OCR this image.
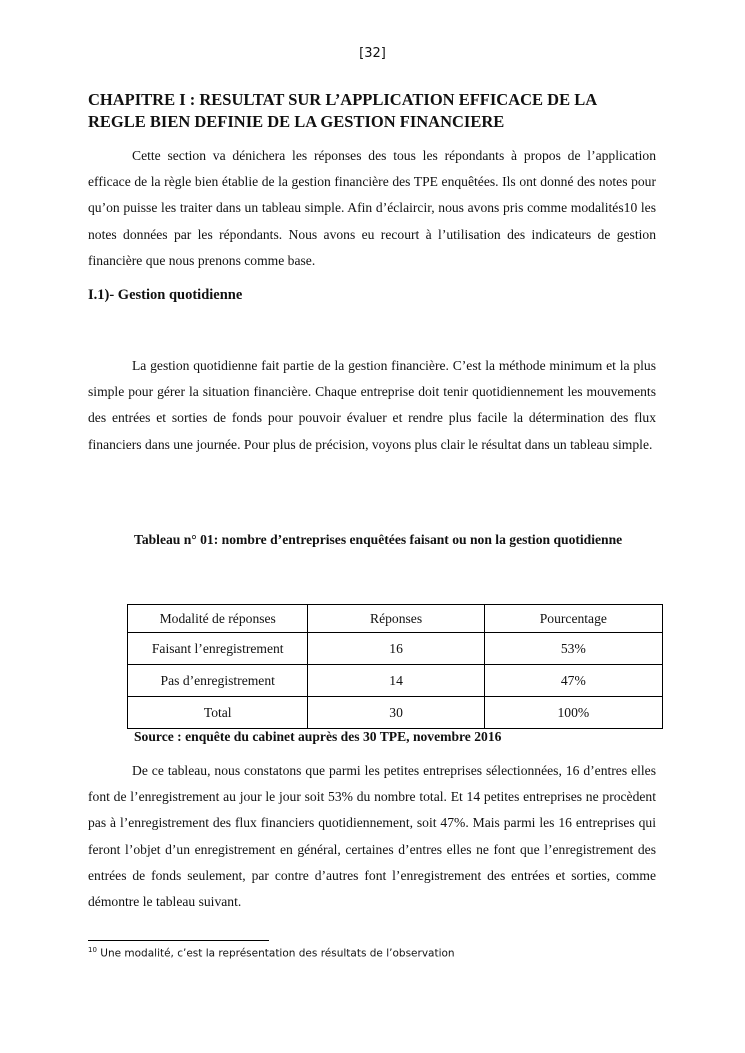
[32]
CHAPITRE I : RESULTAT SUR L’APPLICATION EFFICACE DE LA REGLE BIEN DEFINIE DE LA GESTION FINANCIERE

Cette section va dénichera les réponses des tous les répondants à propos de l’application efficace de la règle bien établie de la gestion financière des TPE enquêtées. Ils ont donné des notes pour qu’on puisse les traiter dans un tableau simple. Afin d’éclaircir, nous avons pris comme modalités10 les notes données par les répondants. Nous avons eu recourt à l’utilisation des indicateurs de gestion financière que nous prenons comme base.

I.1)- Gestion quotidienne

La gestion quotidienne fait partie de la gestion financière. C’est la méthode minimum et la plus simple pour gérer la situation financière. Chaque entreprise doit tenir quotidiennement les mouvements des entrées et sorties de fonds pour pouvoir évaluer et rendre plus facile la détermination des flux financiers dans une journée. Pour plus de précision, voyons plus clair le résultat dans un tableau simple.

Tableau n° 01: nombre d’entreprises enquêtées faisant ou non la gestion quotidienne

Modalité de réponses	Réponses	Pourcentage
Faisant l’enregistrement	16	53%
Pas d’enregistrement	14	47%
Total	30	100%

Source : enquête du cabinet auprès des 30 TPE, novembre 2016

De ce tableau, nous constatons que parmi les petites entreprises sélectionnées, 16 d’entres elles font de l’enregistrement au jour le jour soit 53% du nombre total. Et 14 petites entreprises ne procèdent pas à l’enregistrement des flux financiers quotidiennement, soit 47%. Mais parmi les 16 entreprises qui feront l’objet d’un enregistrement en général, certaines d’entres elles ne font que l’enregistrement des entrées de fonds seulement, par contre d’autres font l’enregistrement des entrées et sorties, comme démontre le tableau suivant.

$^{10}$ Une modalité, c’est la représentation des résultats de l’observation
